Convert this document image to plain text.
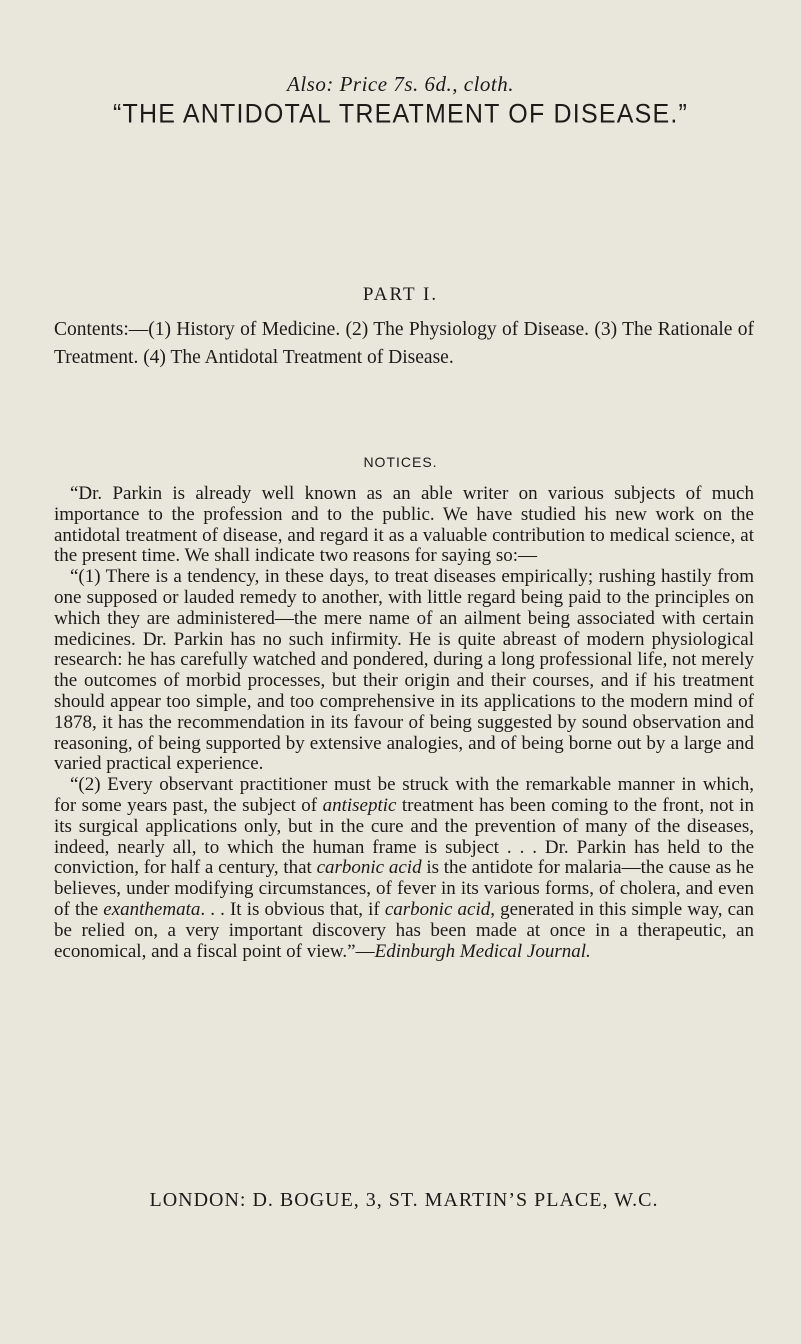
Also: Price 7s. 6d., cloth.
“THE ANTIDOTAL TREATMENT OF DISEASE.”
PART I.
Contents:—(1) History of Medicine. (2) The Physiology of Disease. (3) The Rationale of Treatment. (4) The Antidotal Treatment of Disease.
NOTICES.

“Dr. Parkin is already well known as an able writer on various subjects of much importance to the profession and to the public. We have studied his new work on the antidotal treatment of disease, and regard it as a valuable contribution to medical science, at the present time. We shall indicate two reasons for saying so:—

“(1) There is a tendency, in these days, to treat diseases empirically; rushing hastily from one supposed or lauded remedy to another, with little regard being paid to the principles on which they are administered—the mere name of an ailment being associated with certain medicines. Dr. Parkin has no such infirmity. He is quite abreast of modern physiological research: he has carefully watched and pondered, during a long professional life, not merely the outcomes of morbid processes, but their origin and their courses, and if his treatment should appear too simple, and too comprehensive in its applications to the modern mind of 1878, it has the recommendation in its favour of being suggested by sound observation and reasoning, of being supported by extensive analogies, and of being borne out by a large and varied practical experience.

“(2) Every observant practitioner must be struck with the remarkable manner in which, for some years past, the subject of antiseptic treatment has been coming to the front, not in its surgical applications only, but in the cure and the prevention of many of the diseases, indeed, nearly all, to which the human frame is subject . . . Dr. Parkin has held to the conviction, for half a century, that carbonic acid is the antidote for malaria—the cause as he believes, under modifying circumstances, of fever in its various forms, of cholera, and even of the exanthemata. . . It is obvious that, if carbonic acid, generated in this simple way, can be relied on, a very important discovery has been made at once in a therapeutic, an economical, and a fiscal point of view.”—Edinburgh Medical Journal.

LONDON: D. BOGUE, 3, ST. MARTIN’S PLACE, W.C.
